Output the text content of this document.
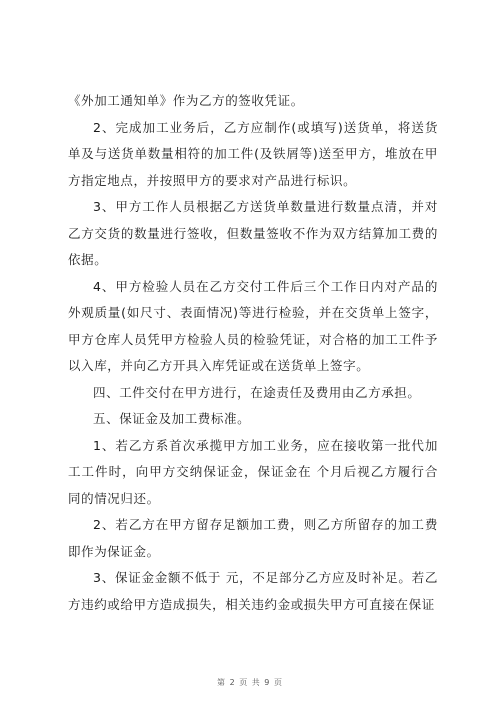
《外加工通知单》作为乙方的签收凭证。

2、完成加工业务后，乙方应制作(或填写)送货单，将送货单及与送货单数量相符的加工件(及铁屑等)送至甲方，堆放在甲方指定地点，并按照甲方的要求对产品进行标识。

3、甲方工作人员根据乙方送货单数量进行数量点清，并对乙方交货的数量进行签收，但数量签收不作为双方结算加工费的依据。

4、甲方检验人员在乙方交付工件后三个工作日内对产品的外观质量(如尺寸、表面情况)等进行检验，并在交货单上签字，甲方仓库人员凭甲方检验人员的检验凭证，对合格的加工工件予以入库，并向乙方开具入库凭证或在送货单上签字。

四、工件交付在甲方进行，在途责任及费用由乙方承担。

五、保证金及加工费标准。

1、若乙方系首次承揽甲方加工业务，应在接收第一批代加工工件时，向甲方交纳保证金，保证金在 个月后视乙方履行合同的情况归还。

2、若乙方在甲方留存足额加工费，则乙方所留存的加工费即作为保证金。

3、保证金金额不低于 元，不足部分乙方应及时补足。若乙方违约或给甲方造成损失，相关违约金或损失甲方可直接在保证

第 2 页 共 9 页
